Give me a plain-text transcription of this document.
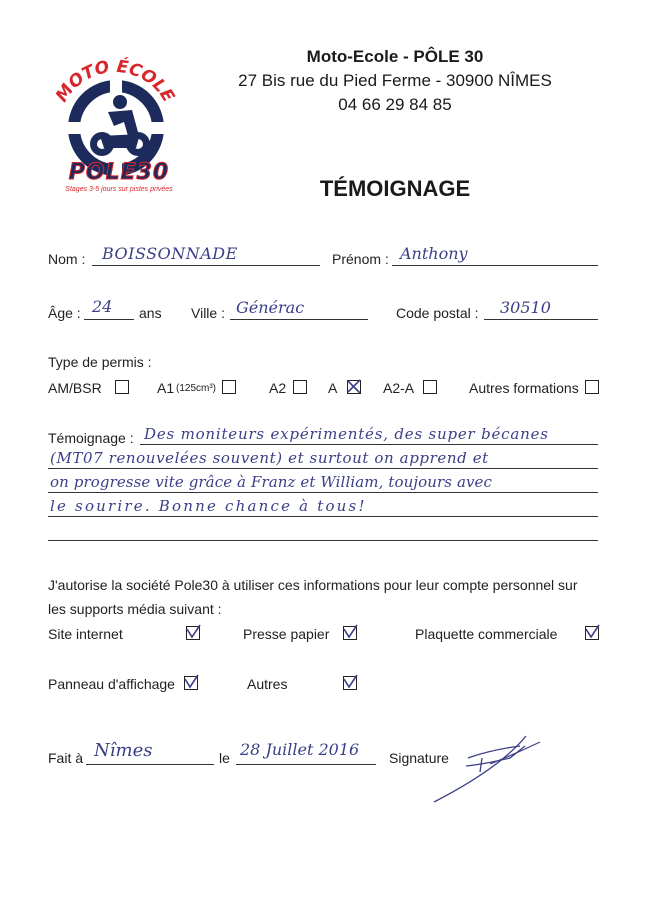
MOTO ÉCOLE
POLE30
Stages 3-5 jours sur pistes privées
Moto-Ecole - PÔLE 30
27 Bis rue du Pied Ferme - 30900 NÎMES
04 66 29 84 85
TÉMOIGNAGE
Nom : BOISSONNADE	Prénom : Anthony
Âge : 24 ans Ville : Générac	Code postal : 30510
Type de permis :
AM/BSR	A1 (125cm³)	A2	A	A2-A	Autres formations
Témoignage : Des moniteurs expérimentés, des super bécanes
(MT07 renouvelées souvent) et surtout on apprend et
on progresse vite grâce à Franz et William, toujours avec
le sourire. Bonne chance à tous!
J'autorise la société Pole30 à utiliser ces informations pour leur compte personnel sur
les supports média suivant :
Site internet	Presse papier	Plaquette commerciale
Panneau d'affichage	Autres
Fait à Nîmes	le 28 Juillet 2016 Signature
